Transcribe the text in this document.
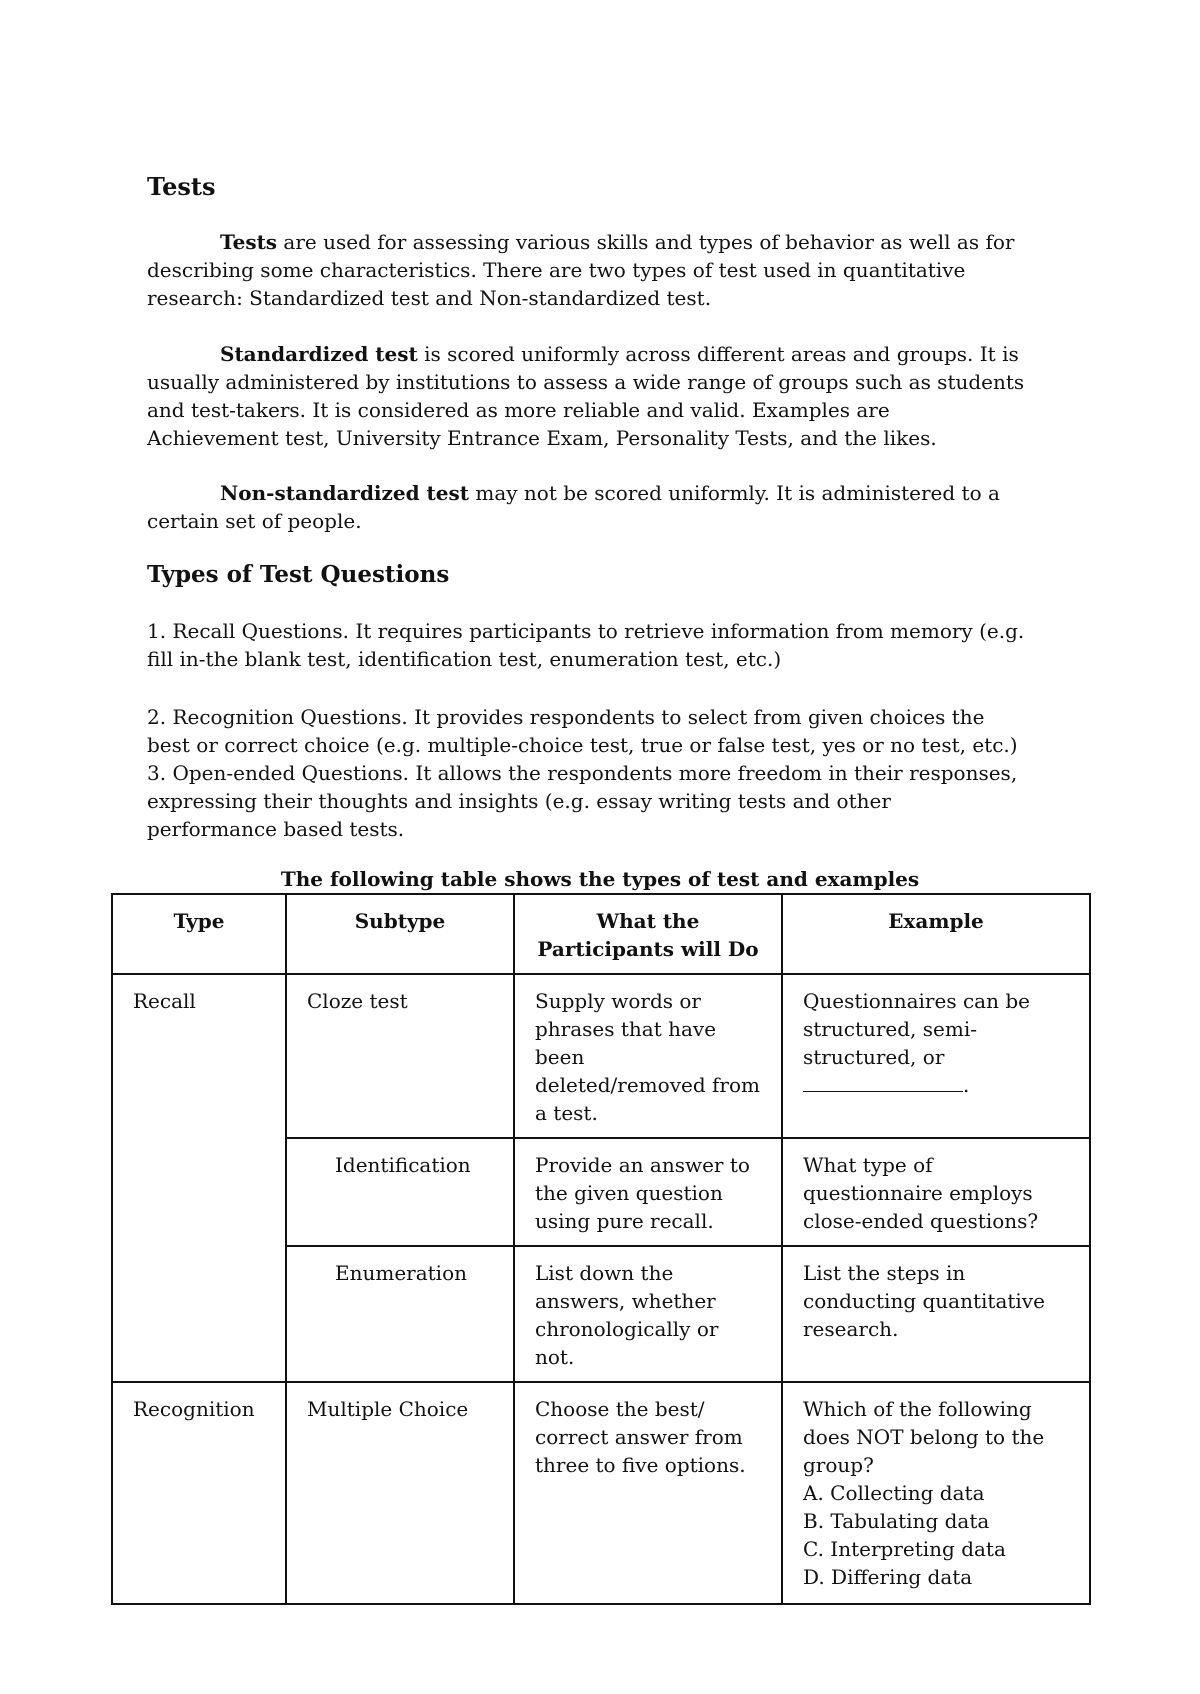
Tests

Tests are used for assessing various skills and types of behavior as well as for describing some characteristics. There are two types of test used in quantitative research: Standardized test and Non-standardized test.

Standardized test is scored uniformly across different areas and groups. It is usually administered by institutions to assess a wide range of groups such as students and test-takers. It is considered as more reliable and valid. Examples are Achievement test, University Entrance Exam, Personality Tests, and the likes.

Non-standardized test may not be scored uniformly. It is administered to a certain set of people.

Types of Test Questions

1. Recall Questions. It requires participants to retrieve information from memory (e.g. fill in-the blank test, identification test, enumeration test, etc.)

2. Recognition Questions. It provides respondents to select from given choices the best or correct choice (e.g. multiple-choice test, true or false test, yes or no test, etc.) 3. Open-ended Questions. It allows the respondents more freedom in their responses, expressing their thoughts and insights (e.g. essay writing tests and other performance based tests.

The following table shows the types of test and examples
Type	Subtype	What the Participants will Do	Example
Recall	Cloze test	Supply words or phrases that have been deleted/removed from a test.	Questionnaires can be structured, semi-structured, or .
	Identification	Provide an answer to the given question using pure recall.	What type of questionnaire employs close-ended questions?
	Enumeration	List down the answers, whether chronologically or not.	List the steps in conducting quantitative research.
Recognition	Multiple Choice	Choose the best/ correct answer from three to five options.	Which of the following does NOT belong to the group?
A. Collecting data
B. Tabulating data
C. Interpreting data
D. Differing data
